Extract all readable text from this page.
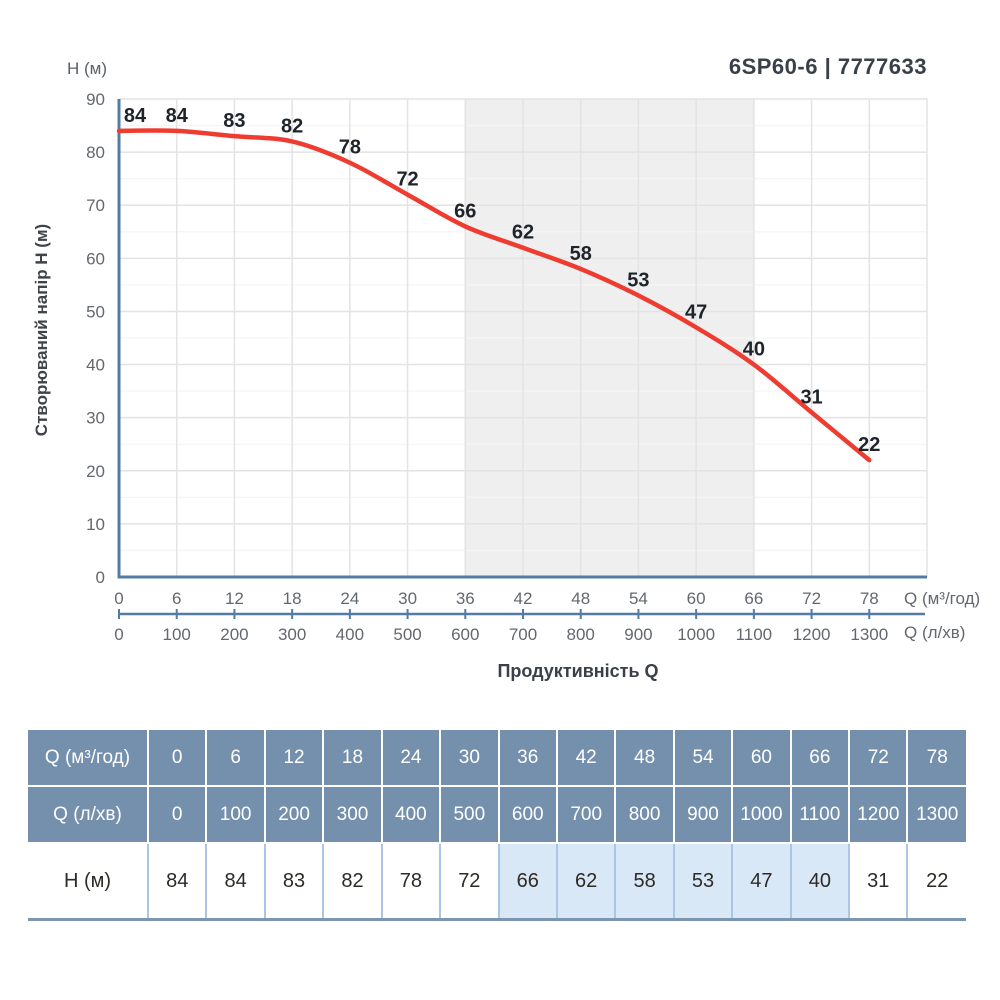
6SP60-6 | 7777633
H (м)
Створюваний напір H (м)
Q (м³/год)
Q (л/хв)
Продуктивність Q
0
10
20
30
40
50
60
70
80
90
0	6	12 18 24 30 36 42 48 54 60 66 72 78
0 100 200 300 400 500 600 700 800 900 1000 1100 1200 1300
84 84 83 82
78
72
66
62
58
53
47
40
31
22
Q (м³/год)	0	6	12	18	24	30	36	42	48	54	60	66	72	78
Q (л/хв)	0	100	200	300	400	500	600	700	800	900	1000	1100	1200	1300
H (м)	84	84	83	82	78	72	66	62	58	53	47	40	31	22
